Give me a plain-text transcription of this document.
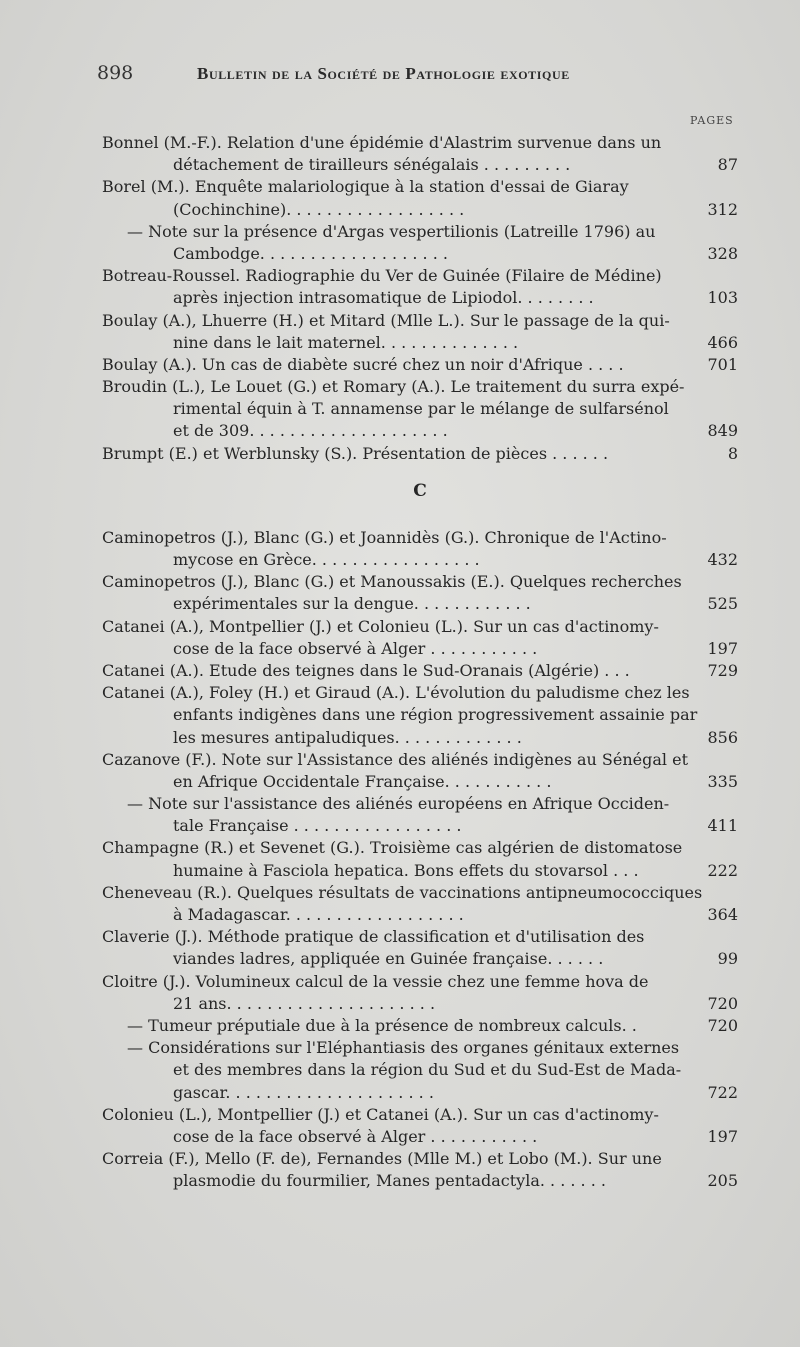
898	Bulletin de la Société de Pathologie exotique
PAGES
Bonnel (M.-F.). Relation d'une épidémie d'Alastrim survenue dans un
détachement de tirailleurs sénégalais . . . . . . . . .	87
Borel (M.). Enquête malariologique à la station d'essai de Giaray
(Cochinchine). . . . . . . . . . . . . . . . . .	312
— Note sur la présence d'Argas vespertilionis (Latreille 1796) au
Cambodge. . . . . . . . . . . . . . . . . . .	328
Botreau-Roussel. Radiographie du Ver de Guinée (Filaire de Médine)
après injection intrasomatique de Lipiodol. . . . . . . .	103
Boulay (A.), Lhuerre (H.) et Mitard (Mlle L.). Sur le passage de la qui-
nine dans le lait maternel. . . . . . . . . . . . . .	466
Boulay (A.). Un cas de diabète sucré chez un noir d'Afrique . . . .	701
Broudin (L.), Le Louet (G.) et Romary (A.). Le traitement du surra expé-
rimental équin à T. annamense par le mélange de sulfarsénol
et de 309. . . . . . . . . . . . . . . . . . . .	849
Brumpt (E.) et Werblunsky (S.). Présentation de pièces . . . . . .	8
C
Caminopetros (J.), Blanc (G.) et Joannidès (G.). Chronique de l'Actino-
mycose en Grèce. . . . . . . . . . . . . . . . .	432
Caminopetros (J.), Blanc (G.) et Manoussakis (E.). Quelques recherches
expérimentales sur la dengue. . . . . . . . . . . .	525
Catanei (A.), Montpellier (J.) et Colonieu (L.). Sur un cas d'actinomy-
cose de la face observé à Alger . . . . . . . . . . .	197
Catanei (A.). Etude des teignes dans le Sud-Oranais (Algérie) . . .	729
Catanei (A.), Foley (H.) et Giraud (A.). L'évolution du paludisme chez les
enfants indigènes dans une région progressivement assainie par
les mesures antipaludiques. . . . . . . . . . . . .	856
Cazanove (F.). Note sur l'Assistance des aliénés indigènes au Sénégal et
en Afrique Occidentale Française. . . . . . . . . . .	335
— Note sur l'assistance des aliénés européens en Afrique Occiden-
tale Française . . . . . . . . . . . . . . . . .	411
Champagne (R.) et Sevenet (G.). Troisième cas algérien de distomatose
humaine à Fasciola hepatica. Bons effets du stovarsol . . .	222
Cheneveau (R.). Quelques résultats de vaccinations antipneumococciques
à Madagascar. . . . . . . . . . . . . . . . . .	364
Claverie (J.). Méthode pratique de classification et d'utilisation des
viandes ladres, appliquée en Guinée française. . . . . .	99
Cloitre (J.). Volumineux calcul de la vessie chez une femme hova de
21 ans. . . . . . . . . . . . . . . . . . . . .	720
— Tumeur préputiale due à la présence de nombreux calculs. .	720
— Considérations sur l'Eléphantiasis des organes génitaux externes
et des membres dans la région du Sud et du Sud-Est de Mada-
gascar. . . . . . . . . . . . . . . . . . . . .	722
Colonieu (L.), Montpellier (J.) et Catanei (A.). Sur un cas d'actinomy-
cose de la face observé à Alger . . . . . . . . . . .	197
Correia (F.), Mello (F. de), Fernandes (Mlle M.) et Lobo (M.). Sur une
plasmodie du fourmilier, Manes pentadactyla. . . . . . .	205
